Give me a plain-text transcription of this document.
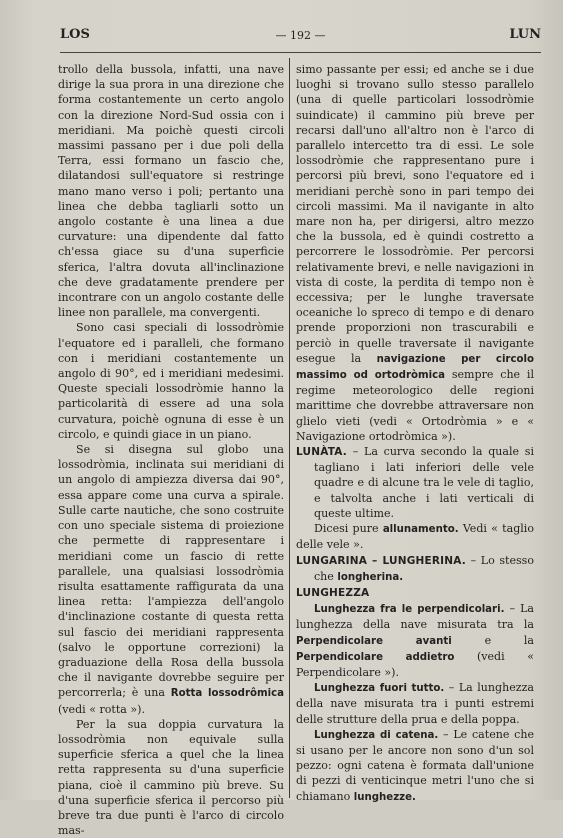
LOS	— 192 —	LUN

trollo della bussola, infatti, una nave dirige la sua prora in una direzione che forma costantemente un certo angolo con la direzione Nord-Sud ossia con i meridiani. Ma poichè questi circoli massimi passano per i due poli della Terra, essi formano un fascio che, dilatandosi sull'equatore si restringe mano mano verso i poli; pertanto una linea che debba tagliarli sotto un angolo costante è una linea a due curvature: una dipendente dal fatto ch'essa giace su d'una superficie sferica, l'altra dovuta all'inclinazione che deve gradatamente prendere per incontrare con un angolo costante delle linee non parallele, ma convergenti.

Sono casi speciali di lossodròmie l'equatore ed i paralleli, che formano con i meridiani costantemente un angolo di 90°, ed i meridiani medesimi. Queste speciali lossodròmie hanno la particolarità di essere ad una sola curvatura, poichè ognuna di esse è un circolo, e quindi giace in un piano.

Se si disegna sul globo una lossodròmia, inclinata sui meridiani di un angolo di ampiezza diversa dai 90°, essa appare come una curva a spirale. Sulle carte nautiche, che sono costruite con uno speciale sistema di proiezione che permette di rappresentare i meridiani come un fascio di rette parallele, una qualsiasi lossodròmia risulta esattamente raffigurata da una linea retta: l'ampiezza dell'angolo d'inclinazione costante di questa retta sul fascio dei meridiani rappresenta (salvo le opportune correzioni) la graduazione della Rosa della bussola che il navigante dovrebbe seguire per percorrerla; è una Rotta lossodrômica (vedi « rotta »).

Per la sua doppia curvatura la lossodròmia non equivale sulla superficie sferica a quel che la linea retta rappresenta su d'una superficie piana, cioè il cammino più breve. Su d'una superficie sferica il percorso più breve tra due punti è l'arco di circolo mas-

simo passante per essi; ed anche se i due luoghi si trovano sullo stesso parallelo (una di quelle particolari lossodròmie suindicate) il cammino più breve per recarsi dall'uno all'altro non è l'arco di parallelo intercetto tra di essi. Le sole lossodròmie che rappresentano pure i percorsi più brevi, sono l'equatore ed i meridiani perchè sono in pari tempo dei circoli massimi. Ma il navigante in alto mare non ha, per dirigersi, altro mezzo che la bussola, ed è quindi costretto a percorrere le lossodròmie. Per percorsi relativamente brevi, e nelle navigazioni in vista di coste, la perdita di tempo non è eccessiva; per le lunghe traversate oceaniche lo spreco di tempo e di denaro prende proporzioni non trascurabili e perciò in quelle traversate il navigante esegue la navigazione per circolo massimo od ortodròmica sempre che il regime meteorologico delle regioni marittime che dovrebbe attraversare non glielo vieti (vedi « Ortodròmia » e « Navigazione ortodròmica »).

LUNÀTA. – La curva secondo la quale si tagliano i lati inferiori delle vele quadre e di alcune tra le vele di taglio, e talvolta anche i lati verticali di queste ultime.

Dicesi pure allunamento. Vedi « taglio delle vele ».

LUNGARINA – LUNGHERINA. – Lo stesso che longherina.

LUNGHEZZA

Lunghezza fra le perpendicolari. – La lunghezza della nave misurata tra la Perpendicolare avanti e la Perpendicolare addietro (vedi « Perpendicolare »).

Lunghezza fuori tutto. – La lunghezza della nave misurata tra i punti estremi delle strutture della prua e della poppa.

Lunghezza di catena. – Le catene che si usano per le ancore non sono d'un sol pezzo: ogni catena è formata dall'unione di pezzi di venticinque metri l'uno che si chiamano lunghezze.
